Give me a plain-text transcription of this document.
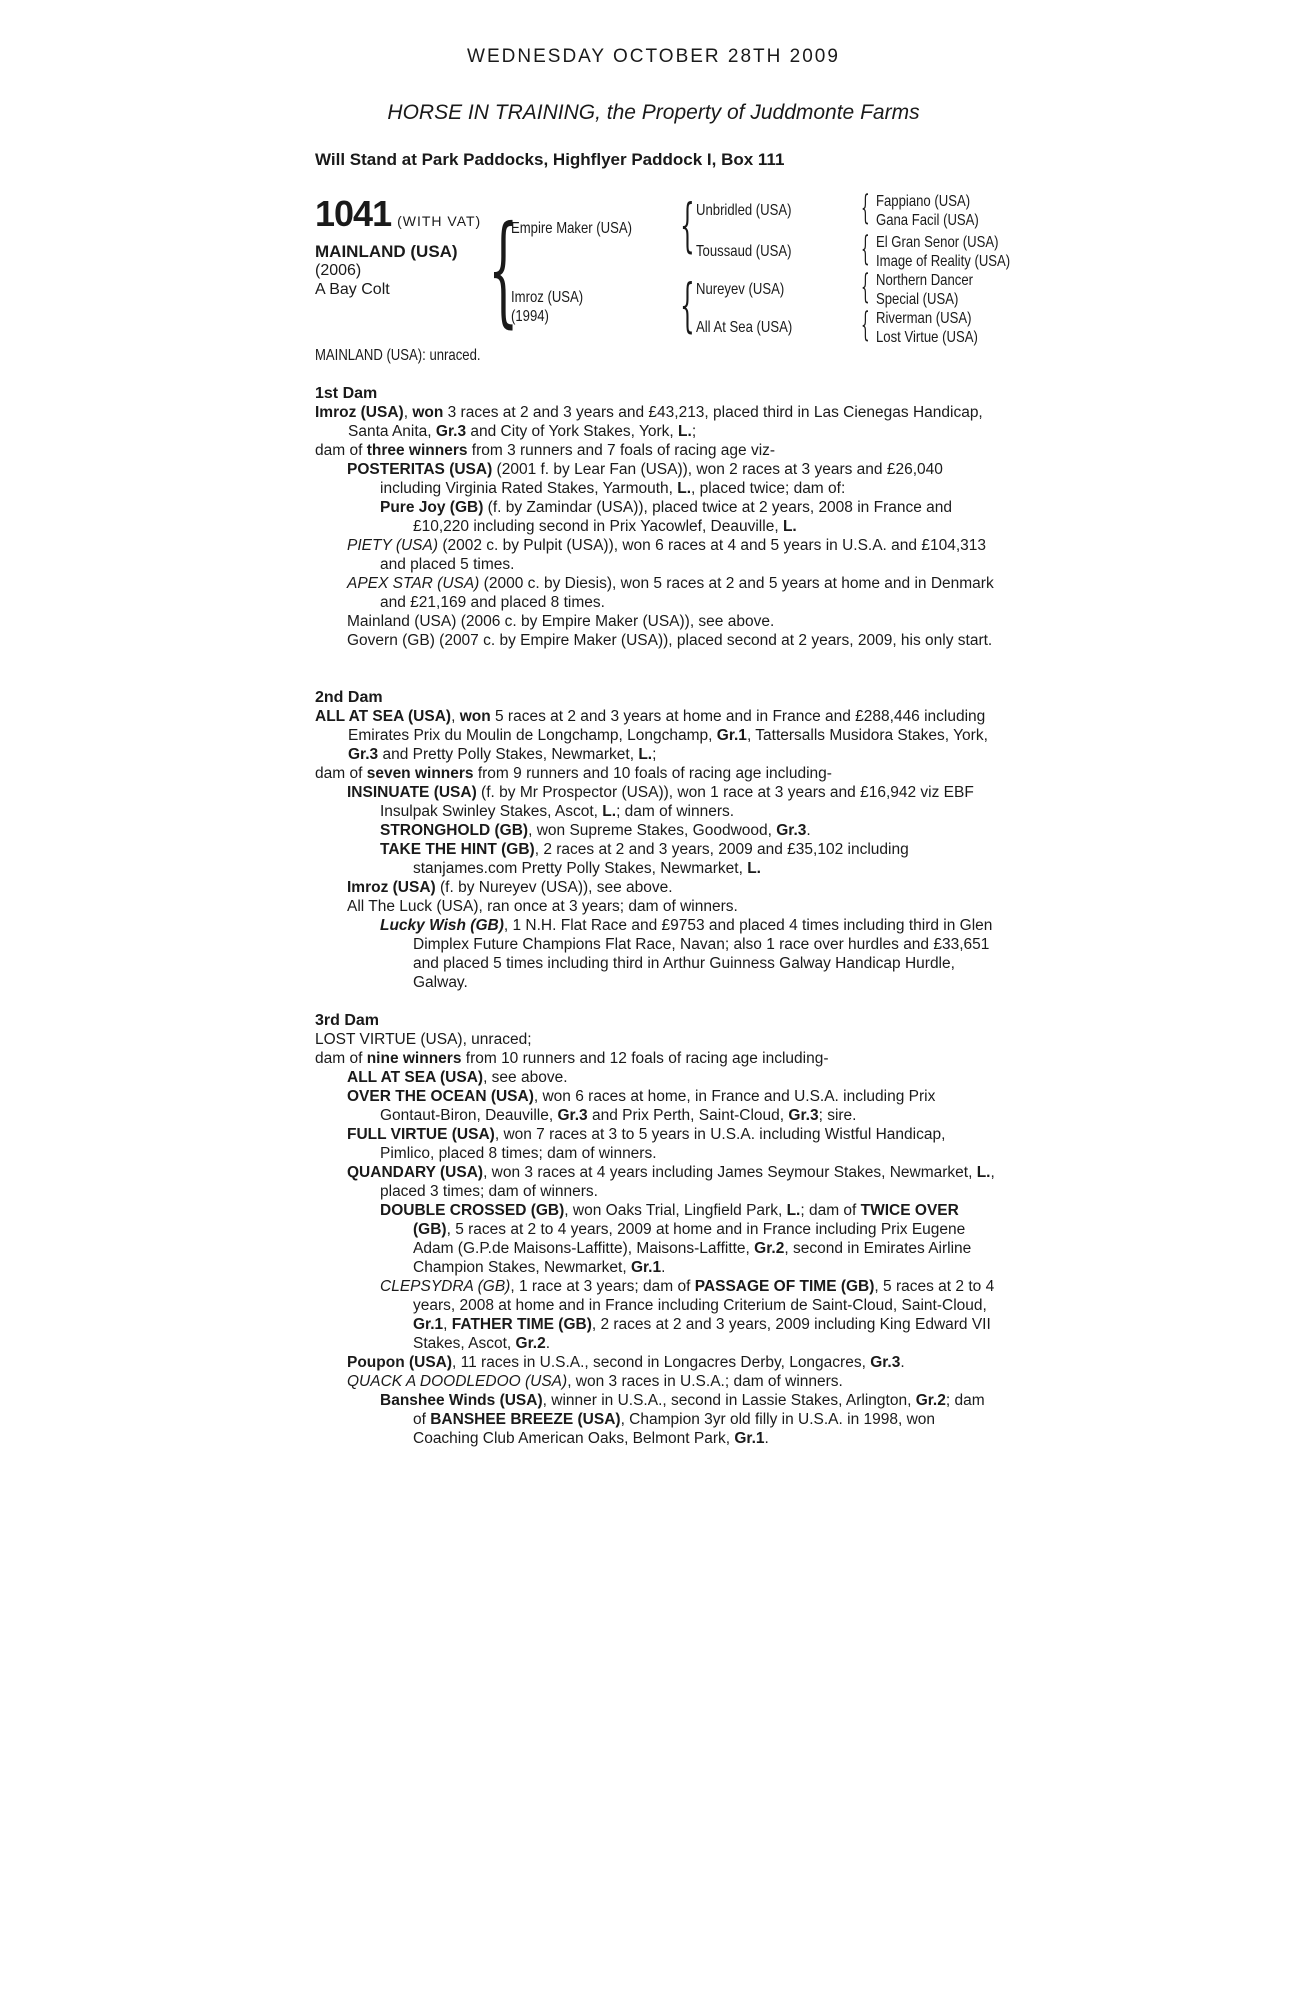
WEDNESDAY OCTOBER 28TH 2009
HORSE IN TRAINING, the Property of Juddmonte Farms
Will Stand at Park Paddocks, Highflyer Paddock I, Box 111
1041 (WITH VAT)
MAINLAND (USA)
(2006)
A Bay Colt {	{
{
{
{
{
{
Empire Maker (USA)
Imroz (USA)
(1994)
Unbridled (USA)
Toussaud (USA)
Nureyev (USA)
All At Sea (USA)
Fappiano (USA)
Gana Facil (USA)
El Gran Senor (USA)
Image of Reality (USA)
Northern Dancer
Special (USA)
Riverman (USA)
Lost Virtue (USA)
MAINLAND (USA): unraced.
1st Dam
Imroz (USA), won 3 races at 2 and 3 years and £43,213, placed third in Las Cienegas Handicap, Santa Anita, Gr.3 and City of York Stakes, York, L.;
dam of three winners from 3 runners and 7 foals of racing age viz-
POSTERITAS (USA) (2001 f. by Lear Fan (USA)), won 2 races at 3 years and £26,040 including Virginia Rated Stakes, Yarmouth, L., placed twice; dam of:
Pure Joy (GB) (f. by Zamindar (USA)), placed twice at 2 years, 2008 in France and £10,220 including second in Prix Yacowlef, Deauville, L.
PIETY (USA) (2002 c. by Pulpit (USA)), won 6 races at 4 and 5 years in U.S.A. and £104,313 and placed 5 times.
APEX STAR (USA) (2000 c. by Diesis), won 5 races at 2 and 5 years at home and in Denmark and £21,169 and placed 8 times.
Mainland (USA) (2006 c. by Empire Maker (USA)), see above.
Govern (GB) (2007 c. by Empire Maker (USA)), placed second at 2 years, 2009, his only start.
2nd Dam
ALL AT SEA (USA), won 5 races at 2 and 3 years at home and in France and £288,446 including Emirates Prix du Moulin de Longchamp, Longchamp, Gr.1, Tattersalls Musidora Stakes, York, Gr.3 and Pretty Polly Stakes, Newmarket, L.;
dam of seven winners from 9 runners and 10 foals of racing age including-
INSINUATE (USA) (f. by Mr Prospector (USA)), won 1 race at 3 years and £16,942 viz EBF Insulpak Swinley Stakes, Ascot, L.; dam of winners.
STRONGHOLD (GB), won Supreme Stakes, Goodwood, Gr.3.
TAKE THE HINT (GB), 2 races at 2 and 3 years, 2009 and £35,102 including stanjames.com Pretty Polly Stakes, Newmarket, L.
Imroz (USA) (f. by Nureyev (USA)), see above.
All The Luck (USA), ran once at 3 years; dam of winners.
Lucky Wish (GB), 1 N.H. Flat Race and £9753 and placed 4 times including third in Glen Dimplex Future Champions Flat Race, Navan; also 1 race over hurdles and £33,651 and placed 5 times including third in Arthur Guinness Galway Handicap Hurdle, Galway.
3rd Dam
LOST VIRTUE (USA), unraced;
dam of nine winners from 10 runners and 12 foals of racing age including-
ALL AT SEA (USA), see above.
OVER THE OCEAN (USA), won 6 races at home, in France and U.S.A. including Prix Gontaut-Biron, Deauville, Gr.3 and Prix Perth, Saint-Cloud, Gr.3; sire.
FULL VIRTUE (USA), won 7 races at 3 to 5 years in U.S.A. including Wistful Handicap, Pimlico, placed 8 times; dam of winners.
QUANDARY (USA), won 3 races at 4 years including James Seymour Stakes, Newmarket, L., placed 3 times; dam of winners.
DOUBLE CROSSED (GB), won Oaks Trial, Lingfield Park, L.; dam of TWICE OVER (GB), 5 races at 2 to 4 years, 2009 at home and in France including Prix Eugene Adam (G.P.de Maisons-Laffitte), Maisons-Laffitte, Gr.2, second in Emirates Airline Champion Stakes, Newmarket, Gr.1.
CLEPSYDRA (GB), 1 race at 3 years; dam of PASSAGE OF TIME (GB), 5 races at 2 to 4 years, 2008 at home and in France including Criterium de Saint-Cloud, Saint-Cloud, Gr.1, FATHER TIME (GB), 2 races at 2 and 3 years, 2009 including King Edward VII Stakes, Ascot, Gr.2.
Poupon (USA), 11 races in U.S.A., second in Longacres Derby, Longacres, Gr.3.
QUACK A DOODLEDOO (USA), won 3 races in U.S.A.; dam of winners.
Banshee Winds (USA), winner in U.S.A., second in Lassie Stakes, Arlington, Gr.2; dam of BANSHEE BREEZE (USA), Champion 3yr old filly in U.S.A. in 1998, won Coaching Club American Oaks, Belmont Park, Gr.1.
